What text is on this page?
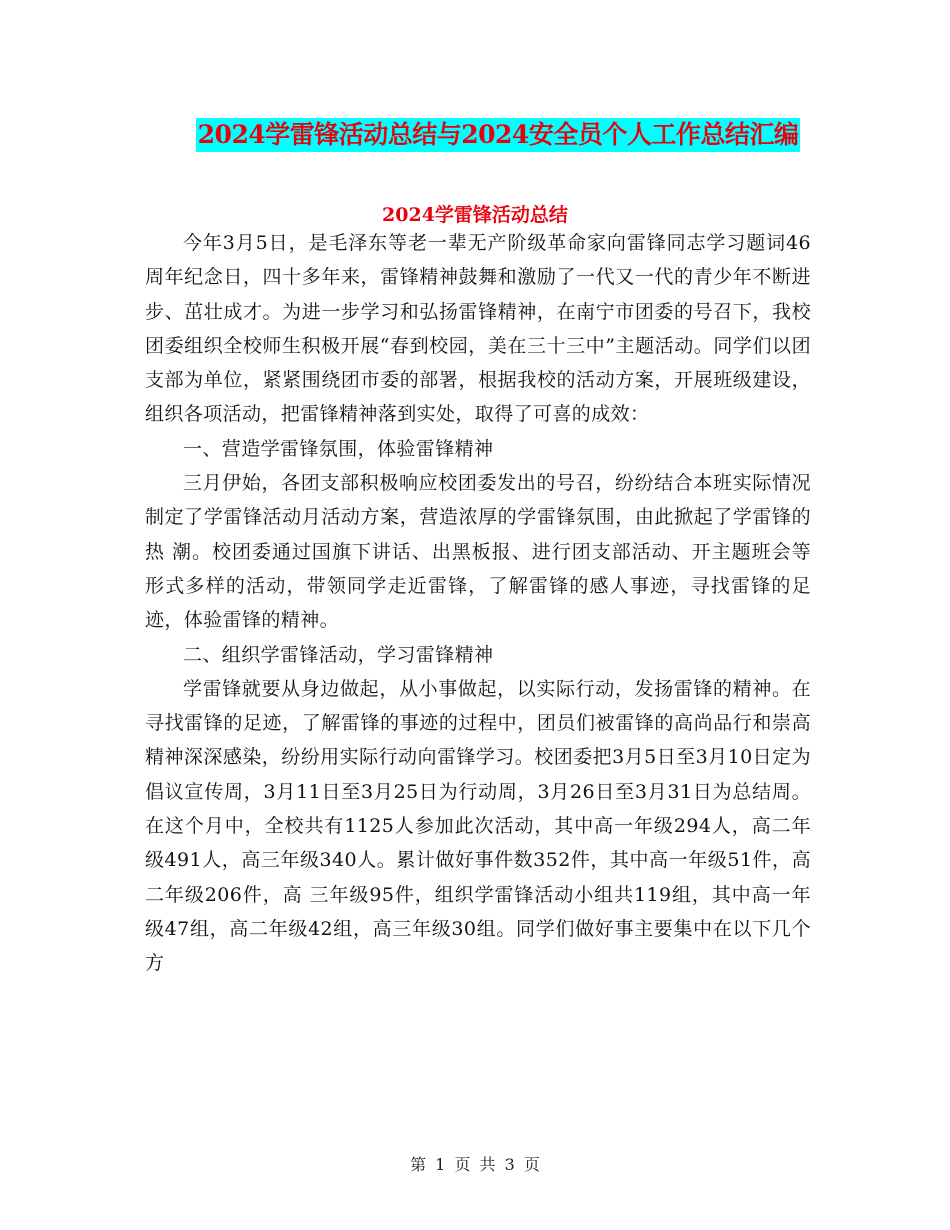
2024学雷锋活动总结与2024安全员个人工作总结汇编
2024学雷锋活动总结

今年3月5日，是毛泽东等老一辈无产阶级革命家向雷锋同志学习题词46周年纪念日，四十多年来，雷锋精神鼓舞和激励了一代又一代的青少年不断进步、茁壮成才。为进一步学习和弘扬雷锋精神，在南宁市团委的号召下，我校团委组织全校师生积极开展“春到校园，美在三十三中”主题活动。同学们以团支部为单位，紧紧围绕团市委的部署，根据我校的活动方案，开展班级建设，组织各项活动，把雷锋精神落到实处，取得了可喜的成效：

一、营造学雷锋氛围，体验雷锋精神

三月伊始，各团支部积极响应校团委发出的号召，纷纷结合本班实际情况制定了学雷锋活动月活动方案，营造浓厚的学雷锋氛围，由此掀起了学雷锋的热 潮。校团委通过国旗下讲话、出黑板报、进行团支部活动、开主题班会等形式多样的活动，带领同学走近雷锋，了解雷锋的感人事迹，寻找雷锋的足迹，体验雷锋的精神。

二、组织学雷锋活动，学习雷锋精神

学雷锋就要从身边做起，从小事做起，以实际行动，发扬雷锋的精神。在寻找雷锋的足迹，了解雷锋的事迹的过程中，团员们被雷锋的高尚品行和崇高精神深深感染，纷纷用实际行动向雷锋学习。校团委把3月5日至3月10日定为倡议宣传周，3月11日至3月25日为行动周，3月26日至3月31日为总结周。在这个月中，全校共有1125人参加此次活动，其中高一年级294人，高二年级491人，高三年级340人。累计做好事件数352件，其中高一年级51件，高二年级206件，高 三年级95件，组织学雷锋活动小组共119组，其中高一年级47组，高二年级42组，高三年级30组。同学们做好事主要集中在以下几个方

第 1 页 共 3 页
